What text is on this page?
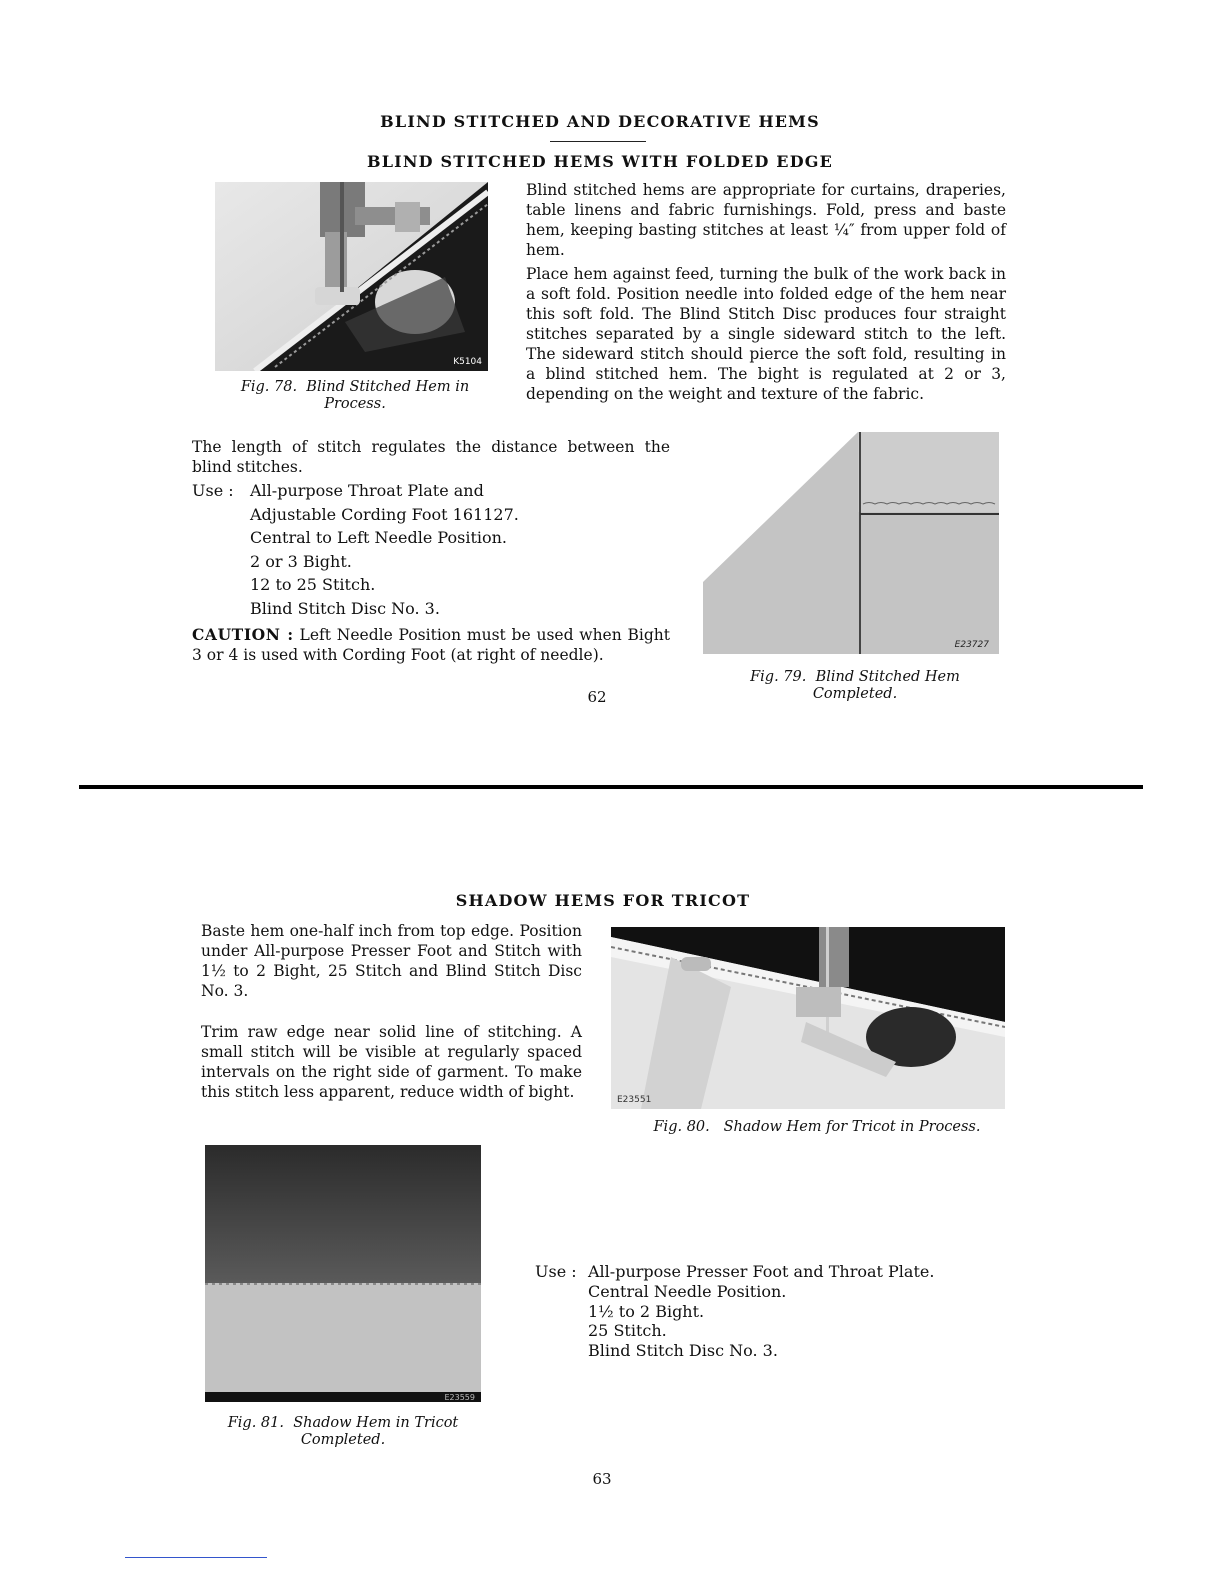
BLIND STITCHED AND DECORATIVE HEMS
BLIND STITCHED HEMS WITH FOLDED EDGE
K5104
Fig. 78. Blind Stitched Hem in
Process.

Blind stitched hems are appropriate for curtains, draperies, table linens and fabric furnishings. Fold, press and baste hem, keeping basting stitches at least ¼″ from upper fold of hem.

Place hem against feed, turning the bulk of the work back in a soft fold. Position needle into folded edge of the hem near this soft fold. The Blind Stitch Disc produces four straight stitches separated by a single sideward stitch to the left. The sideward stitch should pierce the soft fold, resulting in a blind stitched hem. The bight is regulated at 2 or 3, depending on the weight and texture of the fabric.

The length of stitch regulates the distance between the blind stitches.

Use :	All-purpose Throat Plate and
Adjustable Cording Foot 161127.
Central to Left Needle Position.
2 or 3 Bight.
12 to 25 Stitch.
Blind Stitch Disc No. 3.

CAUTION : Left Needle Position must be used when Bight 3 or 4 is used with Cording Foot (at right of needle).

E23727
Fig. 79. Blind Stitched Hem
Completed.
62
SHADOW HEMS FOR TRICOT

Baste hem one-half inch from top edge. Position under All-purpose Presser Foot and Stitch with 1½ to 2 Bight, 25 Stitch and Blind Stitch Disc No. 3.

Trim raw edge near solid line of stitching. A small stitch will be visible at regularly spaced intervals on the right side of garment. To make this stitch less apparent, reduce width of bight.	E23551
Fig. 80. Shadow Hem for Tricot in Process.
E23559
Fig. 81. Shadow Hem in Tricot
Completed.
Use : All-purpose Presser Foot and Throat Plate.
Central Needle Position.
1½ to 2 Bight.
25 Stitch.
Blind Stitch Disc No. 3.
63
